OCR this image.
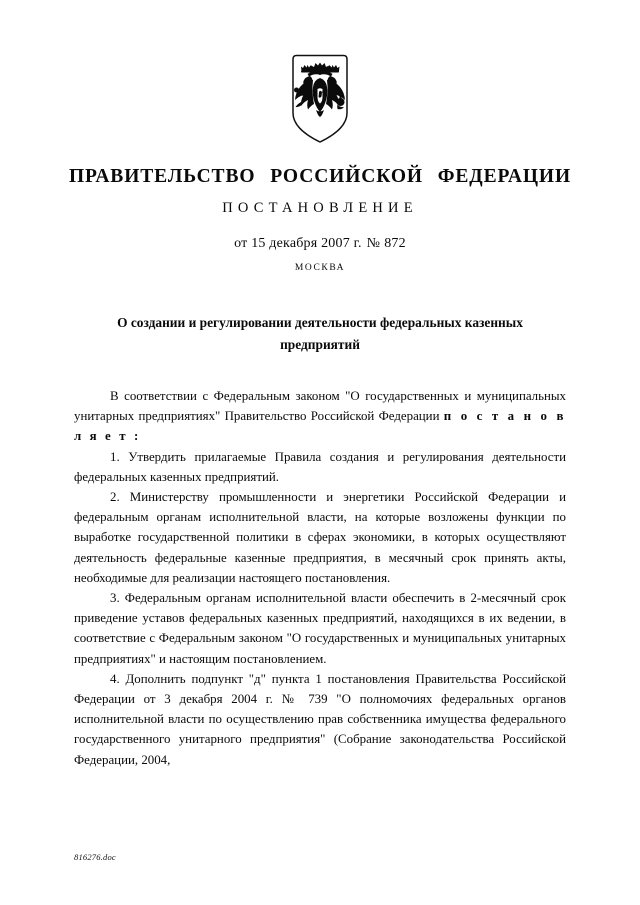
ПРАВИТЕЛЬСТВО РОССИЙСКОЙ ФЕДЕРАЦИИ
ПОСТАНОВЛЕНИЕ
от 15 декабря 2007 г. № 872
МОСКВА
О создании и регулировании деятельности федеральных казенных предприятий

В соответствии с Федеральным законом "О государственных и муниципальных унитарных предприятиях" Правительство Российской Федерации п о с т а н о в л я е т :

1. Утвердить прилагаемые Правила создания и регулирования деятельности федеральных казенных предприятий.

2. Министерству промышленности и энергетики Российской Федерации и федеральным органам исполнительной власти, на которые возложены функции по выработке государственной политики в сферах экономики, в которых осуществляют деятельность федеральные казенные предприятия, в месячный срок принять акты, необходимые для реализации настоящего постановления.

3. Федеральным органам исполнительной власти обеспечить в 2-месячный срок приведение уставов федеральных казенных предприятий, находящихся в их ведении, в соответствие с Федеральным законом "О государственных и муниципальных унитарных предприятиях" и настоящим постановлением.

4. Дополнить подпункт "д" пункта 1 постановления Правительства Российской Федерации от 3 декабря 2004 г. № 739 "О полномочиях федеральных органов исполнительной власти по осуществлению прав собственника имущества федерального государственного унитарного предприятия" (Собрание законодательства Российской Федерации, 2004,

816276.doc
